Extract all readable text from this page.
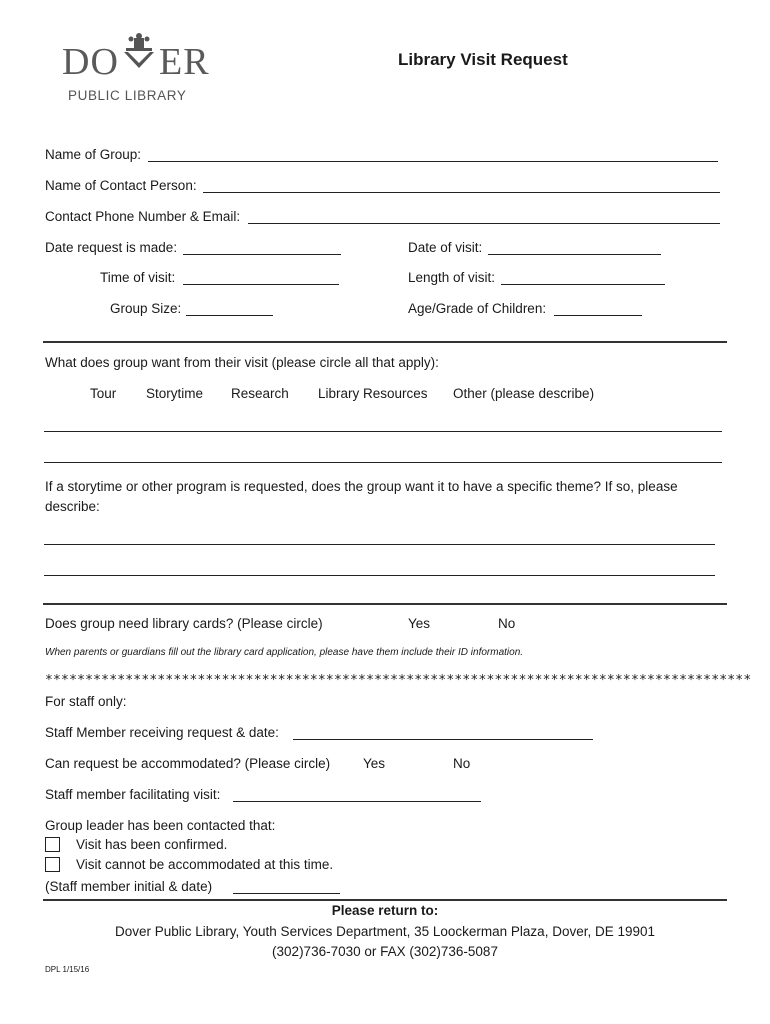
DO ER
PUBLIC LIBRARY
Library Visit Request
Name of Group:
Name of Contact Person:
Contact Phone Number & Email:
Date request is made:	Date of visit:
Time of visit:	Length of visit:
Group Size:	Age/Grade of Children:
What does group want from their visit (please circle all that apply):
Tour Storytime Research Library Resources Other (please describe)
If a storytime or other program is requested, does the group want it to have a specific theme? If so, please
describe:
Does group need library cards? (Please circle)	Yes	No
When parents or guardians fill out the library card application, please have them include their ID information.
****************************************************************************************
For staff only:
Staff Member receiving request & date:
Can request be accommodated? (Please circle) Yes	No
Staff member facilitating visit:
Group leader has been contacted that:
Visit has been confirmed.
Visit cannot be accommodated at this time.
(Staff member initial & date)
Please return to:
Dover Public Library, Youth Services Department, 35 Loockerman Plaza, Dover, DE 19901
(302)736-7030 or FAX (302)736-5087
DPL 1/15/16
